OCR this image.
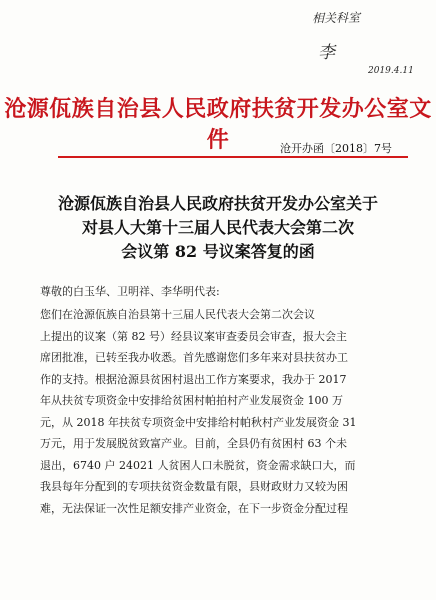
相关科室
李
2019.4.11
沧源佤族自治县人民政府扶贫开发办公室文件	沧开办函〔2018〕7号
沧源佤族自治县人民政府扶贫开发办公室关于
对县人大第十三届人民代表大会第二次
会议第 82 号议案答复的函
尊敬的白玉华、卫明祥、李华明代表:
您们在沧源佤族自治县第十三届人民代表大会第二次会议
上提出的议案（第 82 号）经县议案审查委员会审查，报大会主
席团批准，已转至我办收悉。首先感谢您们多年来对县扶贫办工
作的支持。根据沧源县贫困村退出工作方案要求，我办于 2017
年从扶贫专项资金中安排给贫困村帕拍村产业发展资金 100 万
元，从 2018 年扶贫专项资金中安排给村帕秋村产业发展资金 31
万元，用于发展脱贫致富产业。目前，全县仍有贫困村 63 个未
退出，6740 户 24021 人贫困人口未脱贫，资金需求缺口大，而
我县每年分配到的专项扶贫资金数量有限，县财政财力又较为困
难，无法保证一次性足额安排产业资金，在下一步资金分配过程
